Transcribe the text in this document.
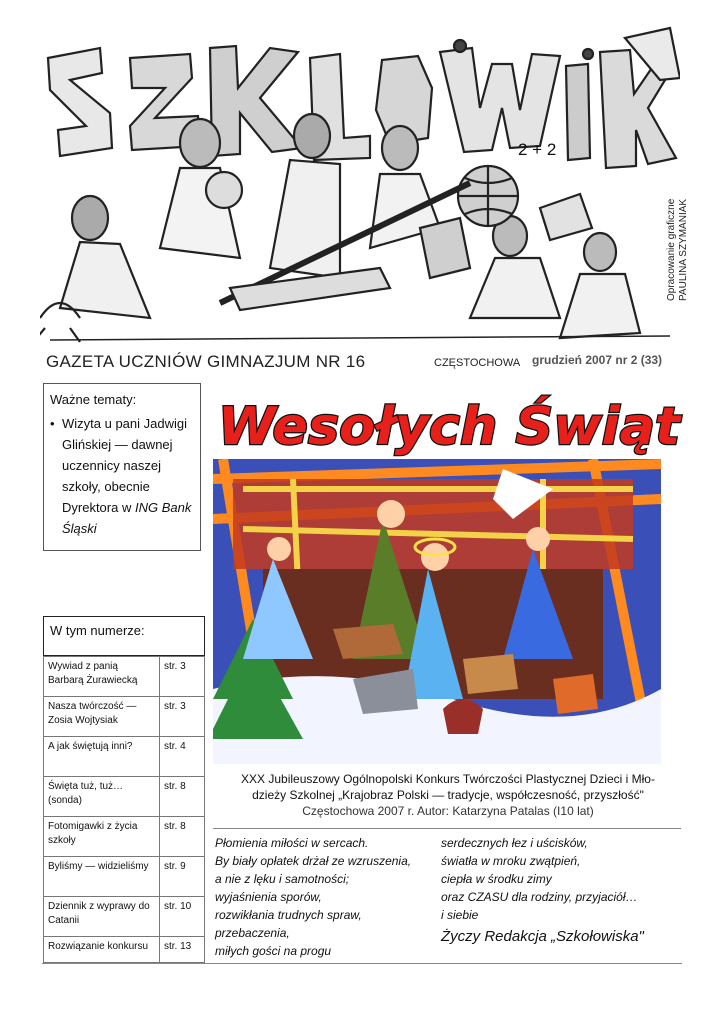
2 + 2
Opracowanie graficzne PAULINA SZYMANIAK
GAZETA UCZNIÓW GIMNAZJUM NR 16	CZĘSTOCHOWA grudzień 2007 nr 2 (33)
Ważne tematy:
• Wizyta u pani Jadwigi Glińskiej — dawnej uczennicy naszej szkoły, obecnie Dyrektora w ING Bank Śląski
Wesołych Świąt
W tym numerze:
Wywiad z panią Barbarą Żurawiecką	str. 3
Nasza twórczość — Zosia Wojtysiak	str. 3
A jak świętują inni?	str. 4
Święta tuż, tuż… (sonda)	str. 8
Fotomigawki z życia szkoły	str. 8
Byliśmy — widzieliśmy	str. 9
Dziennik z wyprawy do Catanii	str. 10
Rozwiązanie konkursu	str. 13
XXX Jubileuszowy Ogólnopolski Konkurs Twórczości Plastycznej Dzieci i Mło-
dzieży Szkolnej „Krajobraz Polski — tradycje, współczesność, przyszłość"
Częstochowa 2007 r. Autor: Katarzyna Patalas (I10 lat)
Płomienia miłości w sercach.
By biały opłatek drżał ze wzruszenia,
a nie z lęku i samotności;
wyjaśnienia sporów,
rozwikłania trudnych spraw,
przebaczenia,
miłych gości na progu
serdecznych łez i uścisków,
światła w mroku zwątpień,
ciepła w środku zimy
oraz CZASU dla rodziny, przyjaciół…
i siebie
Życzy Redakcja „Szkołowiska"
